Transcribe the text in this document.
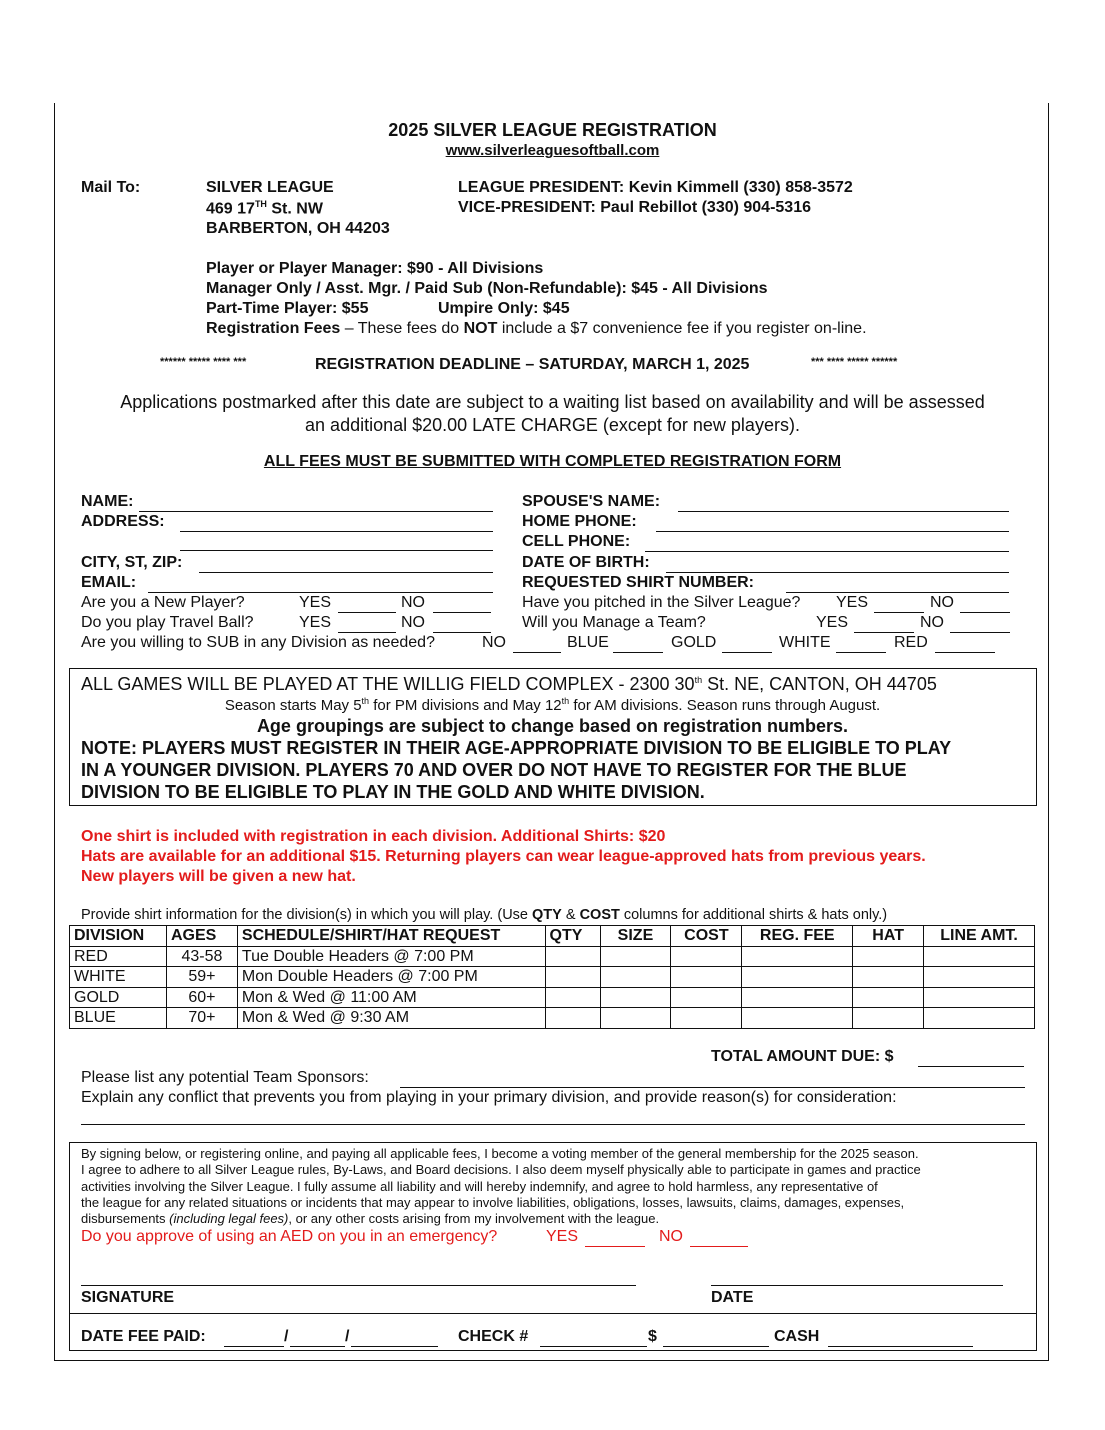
2025 SILVER LEAGUE REGISTRATION
www.silverleaguesoftball.com
Mail To:	SILVER LEAGUE
469 17TH St. NW
BARBERTON, OH 44203
LEAGUE PRESIDENT: Kevin Kimmell (330) 858-3572
VICE-PRESIDENT: Paul Rebillot (330) 904-5316
Player or Player Manager: $90 - All Divisions
Manager Only / Asst. Mgr. / Paid Sub (Non-Refundable): $45 - All Divisions
Part-Time Player: $55	Umpire Only: $45
Registration Fees – These fees do NOT include a $7 convenience fee if you register on-line.
****** ***** **** ***	REGISTRATION DEADLINE – SATURDAY, MARCH 1, 2025	*** **** ***** ******
Applications postmarked after this date are subject to a waiting list based on availability and will be assessed
an additional $20.00 LATE CHARGE (except for new players).
ALL FEES MUST BE SUBMITTED WITH COMPLETED REGISTRATION FORM
NAME:
ADDRESS:
CITY, ST, ZIP:
EMAIL:
Are you a New Player?	YES	NO
Do you play Travel Ball?	YES	NO
SPOUSE'S NAME:
HOME PHONE:
CELL PHONE:
DATE OF BIRTH:
REQUESTED SHIRT NUMBER:
Have you pitched in the Silver League? YES	NO
Will you Manage a Team?	YES	NO
Are you willing to SUB in any Division as needed?	NO	BLUE	GOLD	WHITE	RED
ALL GAMES WILL BE PLAYED AT THE WILLIG FIELD COMPLEX - 2300 30th St. NE, CANTON, OH 44705
Season starts May 5th for PM divisions and May 12th for AM divisions. Season runs through August.
Age groupings are subject to change based on registration numbers.
NOTE: PLAYERS MUST REGISTER IN THEIR AGE-APPROPRIATE DIVISION TO BE ELIGIBLE TO PLAY
IN A YOUNGER DIVISION. PLAYERS 70 AND OVER DO NOT HAVE TO REGISTER FOR THE BLUE
DIVISION TO BE ELIGIBLE TO PLAY IN THE GOLD AND WHITE DIVISION.
One shirt is included with registration in each division. Additional Shirts: $20
Hats are available for an additional $15. Returning players can wear league-approved hats from previous years.
New players will be given a new hat.
Provide shirt information for the division(s) in which you will play. (Use QTY & COST columns for additional shirts & hats only.)
DIVISION	AGES	SCHEDULE/SHIRT/HAT REQUEST	QTY	SIZE	COST	REG. FEE	HAT	LINE AMT.
RED	43-58	Tue Double Headers @ 7:00 PM						
WHITE	59+	Mon Double Headers @ 7:00 PM						
GOLD	60+	Mon & Wed @ 11:00 AM						
BLUE	70+	Mon & Wed @ 9:30 AM						
TOTAL AMOUNT DUE: $
Please list any potential Team Sponsors:
Explain any conflict that prevents you from playing in your primary division, and provide reason(s) for consideration:
By signing below, or registering online, and paying all applicable fees, I become a voting member of the general membership for the 2025 season.
I agree to adhere to all Silver League rules, By-Laws, and Board decisions. I also deem myself physically able to participate in games and practice
activities involving the Silver League. I fully assume all liability and will hereby indemnify, and agree to hold harmless, any representative of
the league for any related situations or incidents that may appear to involve liabilities, obligations, losses, lawsuits, claims, damages, expenses,
disbursements (including legal fees), or any other costs arising from my involvement with the league.
Do you approve of using an AED on you in an emergency?	YES	NO
SIGNATURE	DATE
DATE FEE PAID:	/	/	CHECK #	$	CASH
